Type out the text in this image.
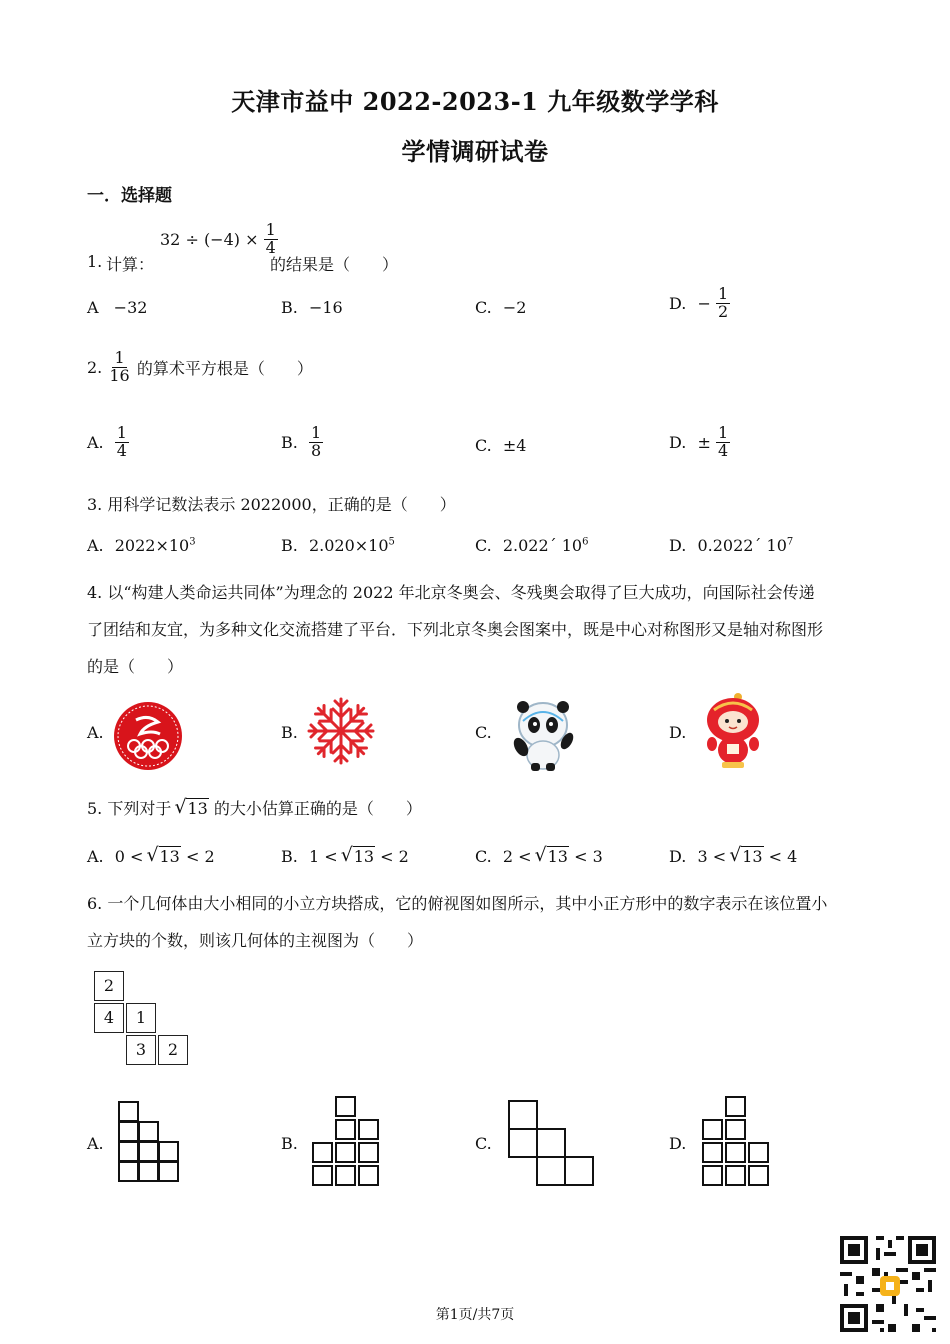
天津市益中 2022-2023-1 九年级数学学科
学情调研试卷
一．选择题
1. 计算：
$32 \div (-4) \times \frac{1}{4}$
的结果是（　　）
A −32	B. −16	C. −2	D. − $\frac{1}{2}$
2. $\frac{1}{16}$ 的算术平方根是（　　）
A. $\frac{1}{4}$	B. $\frac{1}{8}$	C. ±4	D. ± $\frac{1}{4}$
3. 用科学记数法表示 2022000，正确的是（　　）
A. $2022\times 10^3$	B. $2.020\times 10^5$	C. 2.022´ $10^6$	D. 0.2022´ $10^7$
4. 以“构建人类命运共同体”为理念的 2022 年北京冬奥会、冬残奥会取得了巨大成功，向国际社会传递
了团结和友宜，为多种文化交流搭建了平台．下列北京冬奥会图案中，既是中心对称图形又是轴对称图形
的是（　　）
A.	B.	C.	D.
5. 下列对于 √ 13 的大小估算正确的是（　　）
A. 0 < √ 13 < 2	B. 1 < √ 13 < 2	C. 2 < √ 13 < 3	D. 3 < √ 13 < 4
6. 一个几何体由大小相同的小立方块搭成，它的俯视图如图所示，其中小正方形中的数字表示在该位置小
立方块的个数，则该几何体的主视图为（　　）
2
4	1
3	2
A.	B.	C.	D.
第1页/共7页
